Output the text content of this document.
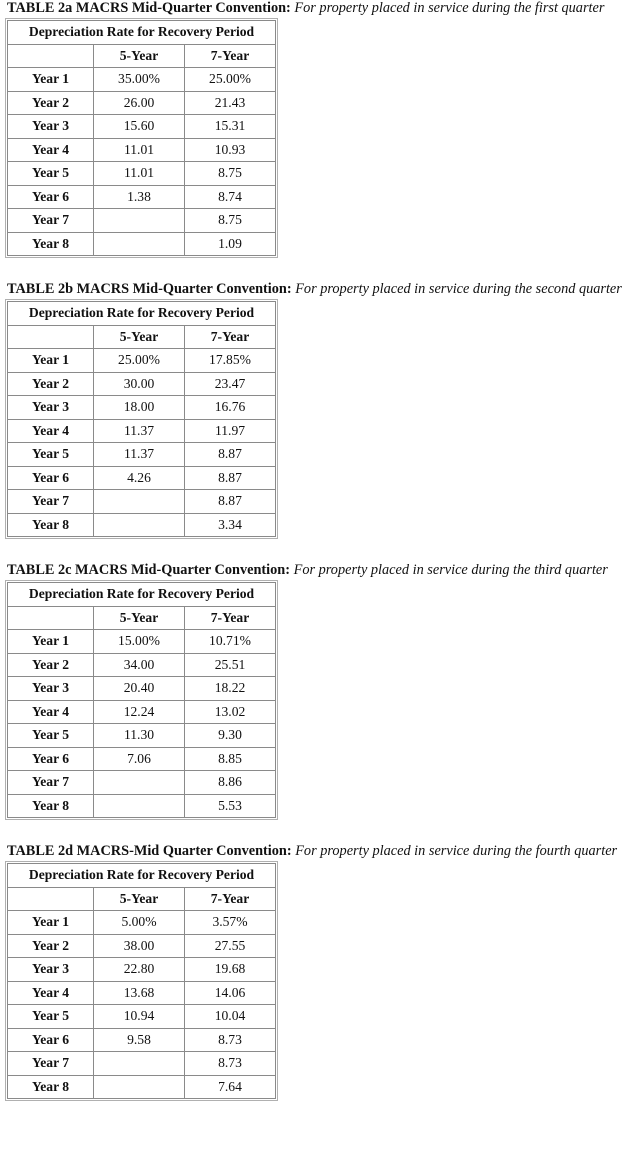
TABLE 2a MACRS Mid-Quarter Convention: For property placed in service during the first quarter
Depreciation Rate for Recovery Period		
	5-Year	7-Year
Year 1	35.00%	25.00%
Year 2	26.00	21.43
Year 3	15.60	15.31
Year 4	11.01	10.93
Year 5	11.01	8.75
Year 6	1.38	8.74
Year 7		8.75
Year 8		1.09
TABLE 2b MACRS Mid-Quarter Convention: For property placed in service during the second quarter
Depreciation Rate for Recovery Period		
	5-Year	7-Year
Year 1	25.00%	17.85%
Year 2	30.00	23.47
Year 3	18.00	16.76
Year 4	11.37	11.97
Year 5	11.37	8.87
Year 6	4.26	8.87
Year 7		8.87
Year 8		3.34
TABLE 2c MACRS Mid-Quarter Convention: For property placed in service during the third quarter
Depreciation Rate for Recovery Period		
	5-Year	7-Year
Year 1	15.00%	10.71%
Year 2	34.00	25.51
Year 3	20.40	18.22
Year 4	12.24	13.02
Year 5	11.30	9.30
Year 6	7.06	8.85
Year 7		8.86
Year 8		5.53
TABLE 2d MACRS-Mid Quarter Convention: For property placed in service during the fourth quarter
Depreciation Rate for Recovery Period		
	5-Year	7-Year
Year 1	5.00%	3.57%
Year 2	38.00	27.55
Year 3	22.80	19.68
Year 4	13.68	14.06
Year 5	10.94	10.04
Year 6	9.58	8.73
Year 7		8.73
Year 8		7.64
